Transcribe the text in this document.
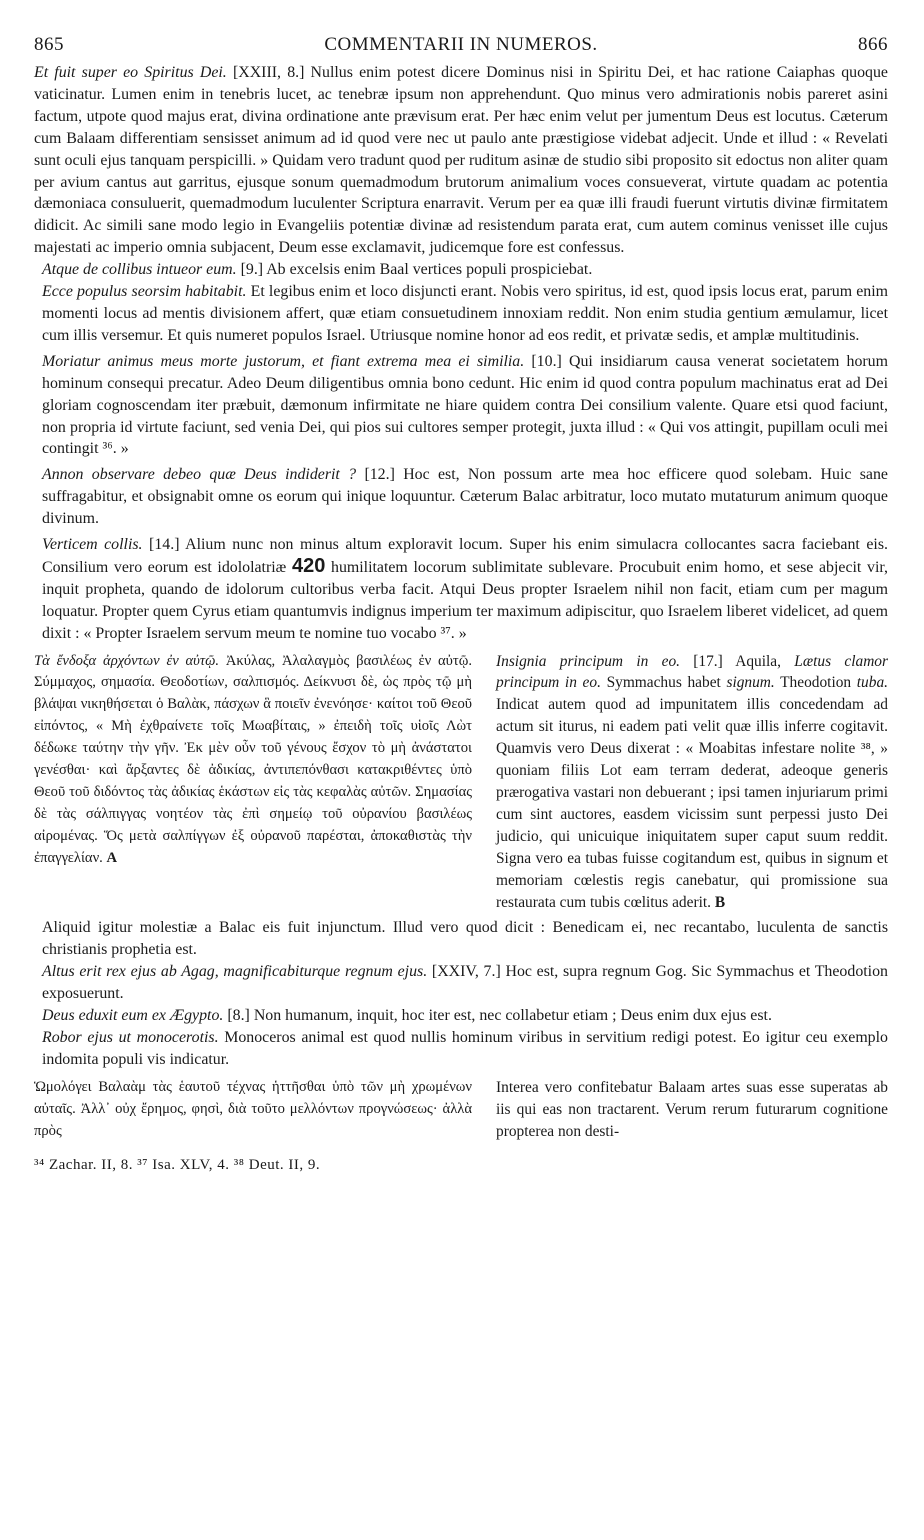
865	COMMENTARII IN NUMEROS.	866

Et fuit super eo Spiritus Dei. [XXIII, 8.] Nullus enim potest dicere Dominus nisi in Spiritu Dei, et hac ratione Caiaphas quoque vaticinatur. Lumen enim in tenebris lucet, ac tenebræ ipsum non apprehendunt. Quo minus vero admirationis nobis pareret asini factum, utpote quod majus erat, divina ordinatione ante prævisum erat. Per hæc enim velut per jumentum Deus est locutus. Cæterum cum Balaam differentiam sensisset animum ad id quod vere nec ut paulo ante præstigiose videbat adjecit. Unde et illud : « Revelati sunt oculi ejus tanquam perspicilli. » Quidam vero tradunt quod per ruditum asinæ de studio sibi proposito sit edoctus non aliter quam per avium cantus aut garritus, ejusque sonum quemadmodum brutorum animalium voces consueverat, virtute quadam ac potentia dæmoniaca consuluerit, quemadmodum luculenter Scriptura enarravit. Verum per ea quæ illi fraudi fuerunt virtutis divinæ firmitatem didicit. Ac simili sane modo legio in Evangeliis potentiæ divinæ ad resistendum parata erat, cum autem cominus venisset ille cujus majestati ac imperio omnia subjacent, Deum esse exclamavit, judicemque fore est confessus.

Atque de collibus intueor eum. [9.] Ab excelsis enim Baal vertices populi prospiciebat.

Ecce populus seorsim habitabit. Et legibus enim et loco disjuncti erant. Nobis vero spiritus, id est, quod ipsis locus erat, parum enim momenti locus ad mentis divisionem affert, quæ etiam consuetudinem innoxiam reddit. Non enim studia gentium æmulamur, licet cum illis versemur. Et quis numeret populos Israel. Utriusque nomine honor ad eos redit, et privatæ sedis, et amplæ multitudinis.

Moriatur animus meus morte justorum, et fiant extrema mea ei similia. [10.] Qui insidiarum causa venerat societatem horum hominum consequi precatur. Adeo Deum diligentibus omnia bono cedunt. Hic enim id quod contra populum machinatus erat ad Dei gloriam cognoscendam iter præbuit, dæmonum infirmitate ne hiare quidem contra Dei consilium valente. Quare etsi quod faciunt, non propria id virtute faciunt, sed venia Dei, qui pios sui cultores semper protegit, juxta illud : « Qui vos attingit, pupillam oculi mei contingit ³⁶. »

Annon observare debeo quæ Deus indiderit ? [12.] Hoc est, Non possum arte mea hoc efficere quod solebam. Huic sane suffragabitur, et obsignabit omne os eorum qui inique loquuntur. Cæterum Balac arbitratur, loco mutato mutaturum animum quoque divinum.

Verticem collis. [14.] Alium nunc non minus altum exploravit locum. Super his enim simulacra collocantes sacra faciebant eis. Consilium vero eorum est idololatriæ 420 humilitatem locorum sublimitate sublevare. Procubuit enim homo, et sese abjecit vir, inquit propheta, quando de idolorum cultoribus verba facit. Atqui Deus propter Israelem nihil non facit, etiam cum per magum loquatur. Propter quem Cyrus etiam quantumvis indignus imperium ter maximum adipiscitur, quo Israelem liberet videlicet, ad quem dixit : « Propter Israelem servum meum te nomine tuo vocabo ³⁷. »

Τὰ ἔνδοξα ἀρχόντων ἐν αὐτῷ. Ἀκύλας, Ἀλαλαγμὸς βασιλέως ἐν αὐτῷ. Σύμμαχος, σημασία. Θεοδοτίων, σαλπισμός. Δείκνυσι δὲ, ὡς πρὸς τῷ μὴ βλάψαι νικηθήσεται ὁ Βαλὰκ, πάσχων ἃ ποιεῖν ἐνενόησε· καίτοι τοῦ Θεοῦ εἰπόντος, « Μὴ ἐχθραίνετε τοῖς Μωαβίταις, » ἐπειδὴ τοῖς υἱοῖς Λὼτ δέδωκε ταύτην τὴν γῆν. Ἐκ μὲν οὖν τοῦ γένους ἔσχον τὸ μὴ ἀνάστατοι γενέσθαι· καὶ ἄρξαντες δὲ ἀδικίας, ἀντιπεπόνθασι κατακριθέντες ὑπὸ Θεοῦ τοῦ διδόντος τὰς ἀδικίας ἑκάστων εἰς τὰς κεφαλὰς αὐτῶν. Σημασίας δὲ τὰς σάλπιγγας νοητέον τὰς ἐπὶ σημείῳ τοῦ οὐρανίου βασιλέως αἰρομένας. Ὅς μετὰ σαλπίγγων ἐξ οὐρανοῦ παρέσται, ἀποκαθιστὰς τὴν ἐπαγγελίαν. A
Insignia principum in eo. [17.] Aquila, Lætus clamor principum in eo. Symmachus habet signum. Theodotion tuba. Indicat autem quod ad impunitatem illis concedendam ad actum sit iturus, ni eadem pati velit quæ illis inferre cogitavit. Quamvis vero Deus dixerat : « Moabitas infestare nolite ³⁸, » quoniam filiis Lot eam terram dederat, adeoque generis prærogativa vastari non debuerant ; ipsi tamen injuriarum primi cum sint auctores, easdem vicissim sunt perpessi justo Dei judicio, qui unicuique iniquitatem super caput suum reddit. Signa vero ea tubas fuisse cogitandum est, quibus in signum et memoriam cœlestis regis canebatur, qui promissione sua restaurata cum tubis cœlitus aderit. B

Aliquid igitur molestiæ a Balac eis fuit injunctum. Illud vero quod dicit : Benedicam ei, nec recantabo, luculenta de sanctis christianis prophetia est.

Altus erit rex ejus ab Agag, magnificabiturque regnum ejus. [XXIV, 7.] Hoc est, supra regnum Gog. Sic Symmachus et Theodotion exposuerunt.

Deus eduxit eum ex Ægypto. [8.] Non humanum, inquit, hoc iter est, nec collabetur etiam ; Deus enim dux ejus est.

Robor ejus ut monocerotis. Monoceros animal est quod nullis hominum viribus in servitium redigi potest. Eo igitur ceu exemplo indomita populi vis indicatur.

Ὡμολόγει Βαλαὰμ τὰς ἑαυτοῦ τέχνας ἡττῆσθαι ὑπὸ τῶν μὴ χρωμένων αὐταῖς. Ἀλλ᾽ οὐχ ἔρημος, φησὶ, διὰ τοῦτο μελλόντων προγνώσεως· ἀλλὰ πρὸς
Interea vero confitebatur Balaam artes suas esse superatas ab iis qui eas non tractarent. Verum rerum futurarum cognitione propterea non desti-
³⁴ Zachar. II, 8. ³⁷ Isa. XLV, 4. ³⁸ Deut. II, 9.
